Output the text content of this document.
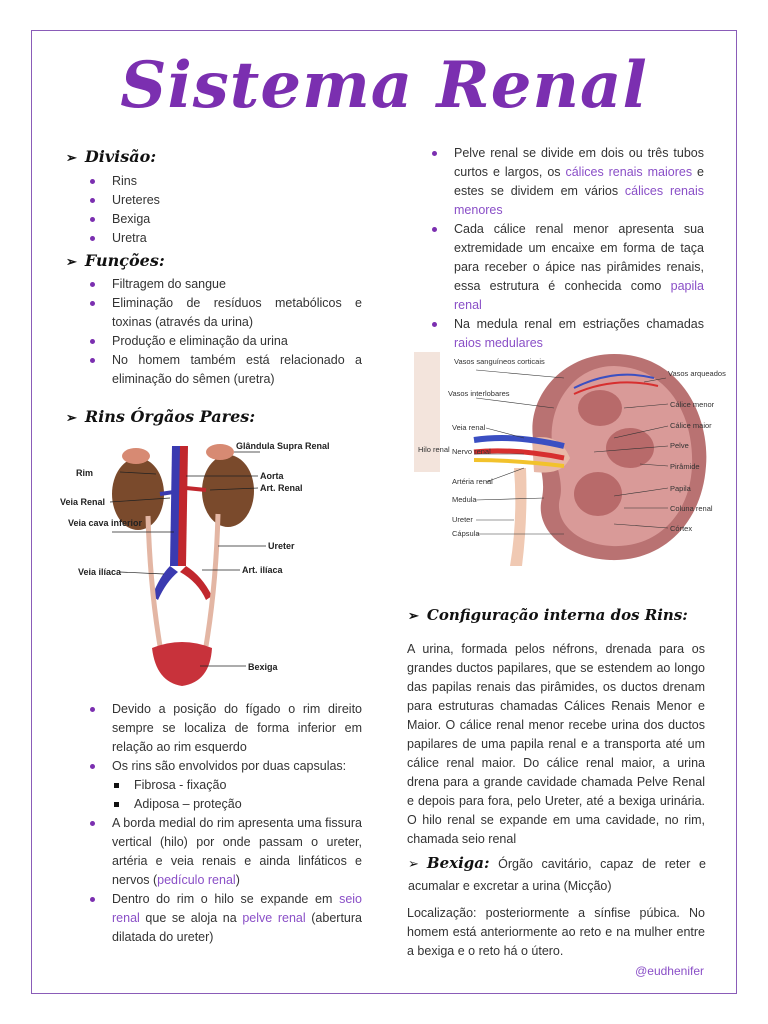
Sistema Renal
➢ Divisão:
Rins
Ureteres
Bexiga
Uretra
➢ Funções:
Filtragem do sangue
Eliminação de resíduos metabólicos e toxinas (através da urina)
Produção e eliminação da urina
No homem também está relacionado a eliminação do sêmen (uretra)
➢ Rins Órgãos Pares:
Glândula Supra Renal
Rim	Aorta
Art. Renal
Veia Renal
Veia cava inferior
Ureter
Veia ilíaca	Art. ilíaca
Bexiga
Devido a posição do fígado o rim direito sempre se localiza de forma inferior em relação ao rim esquerdo
Os rins são envolvidos por duas capsulas:
Fibrosa - fixação
Adiposa – proteção
A borda medial do rim apresenta uma fissura vertical (hilo) por onde passam o ureter, artéria e veia renais e ainda linfáticos e nervos (pedículo renal)
Dentro do rim o hilo se expande em seio renal que se aloja na pelve renal (abertura dilatada do ureter)
Pelve renal se divide em dois ou três tubos curtos e largos, os cálices renais maiores e estes se dividem em vários cálices renais menores
Cada cálice renal menor apresenta sua extremidade um encaixe em forma de taça para receber o ápice nas pirâmides renais, essa estrutura é conhecida como papila renal
Na medula renal em estriações chamadas raios medulares
Vasos sanguíneos corticais
Vasos interlobares
Veia renal
Hilo renal Nervo renal
Artéria renal
Medula
Ureter
Cápsula
Vasos arqueados
Cálice menor
Cálice maior
Pelve
Pirâmide
Papila
Coluna renal
Córtex
➢ Configuração interna dos Rins:

A urina, formada pelos néfrons, drenada para os grandes ductos papilares, que se estendem ao longo das papilas renais das pirâmides, os ductos drenam para estruturas chamadas Cálices Renais Menor e Maior. O cálice renal menor recebe urina dos ductos papilares de uma papila renal e a transporta até um cálice renal maior. Do cálice renal maior, a urina drena para a grande cavidade chamada Pelve Renal e depois para fora, pelo Ureter, até a bexiga urinária. O hilo renal se expande em uma cavidade, no rim, chamada seio renal

➢ Bexiga: Órgão cavitário, capaz de reter e acumalar e excretar a urina (Micção)

Localização: posteriormente a sínfise púbica. No homem está anteriormente ao reto e na mulher entre a bexiga e o reto há o útero.

@eudhenifer
